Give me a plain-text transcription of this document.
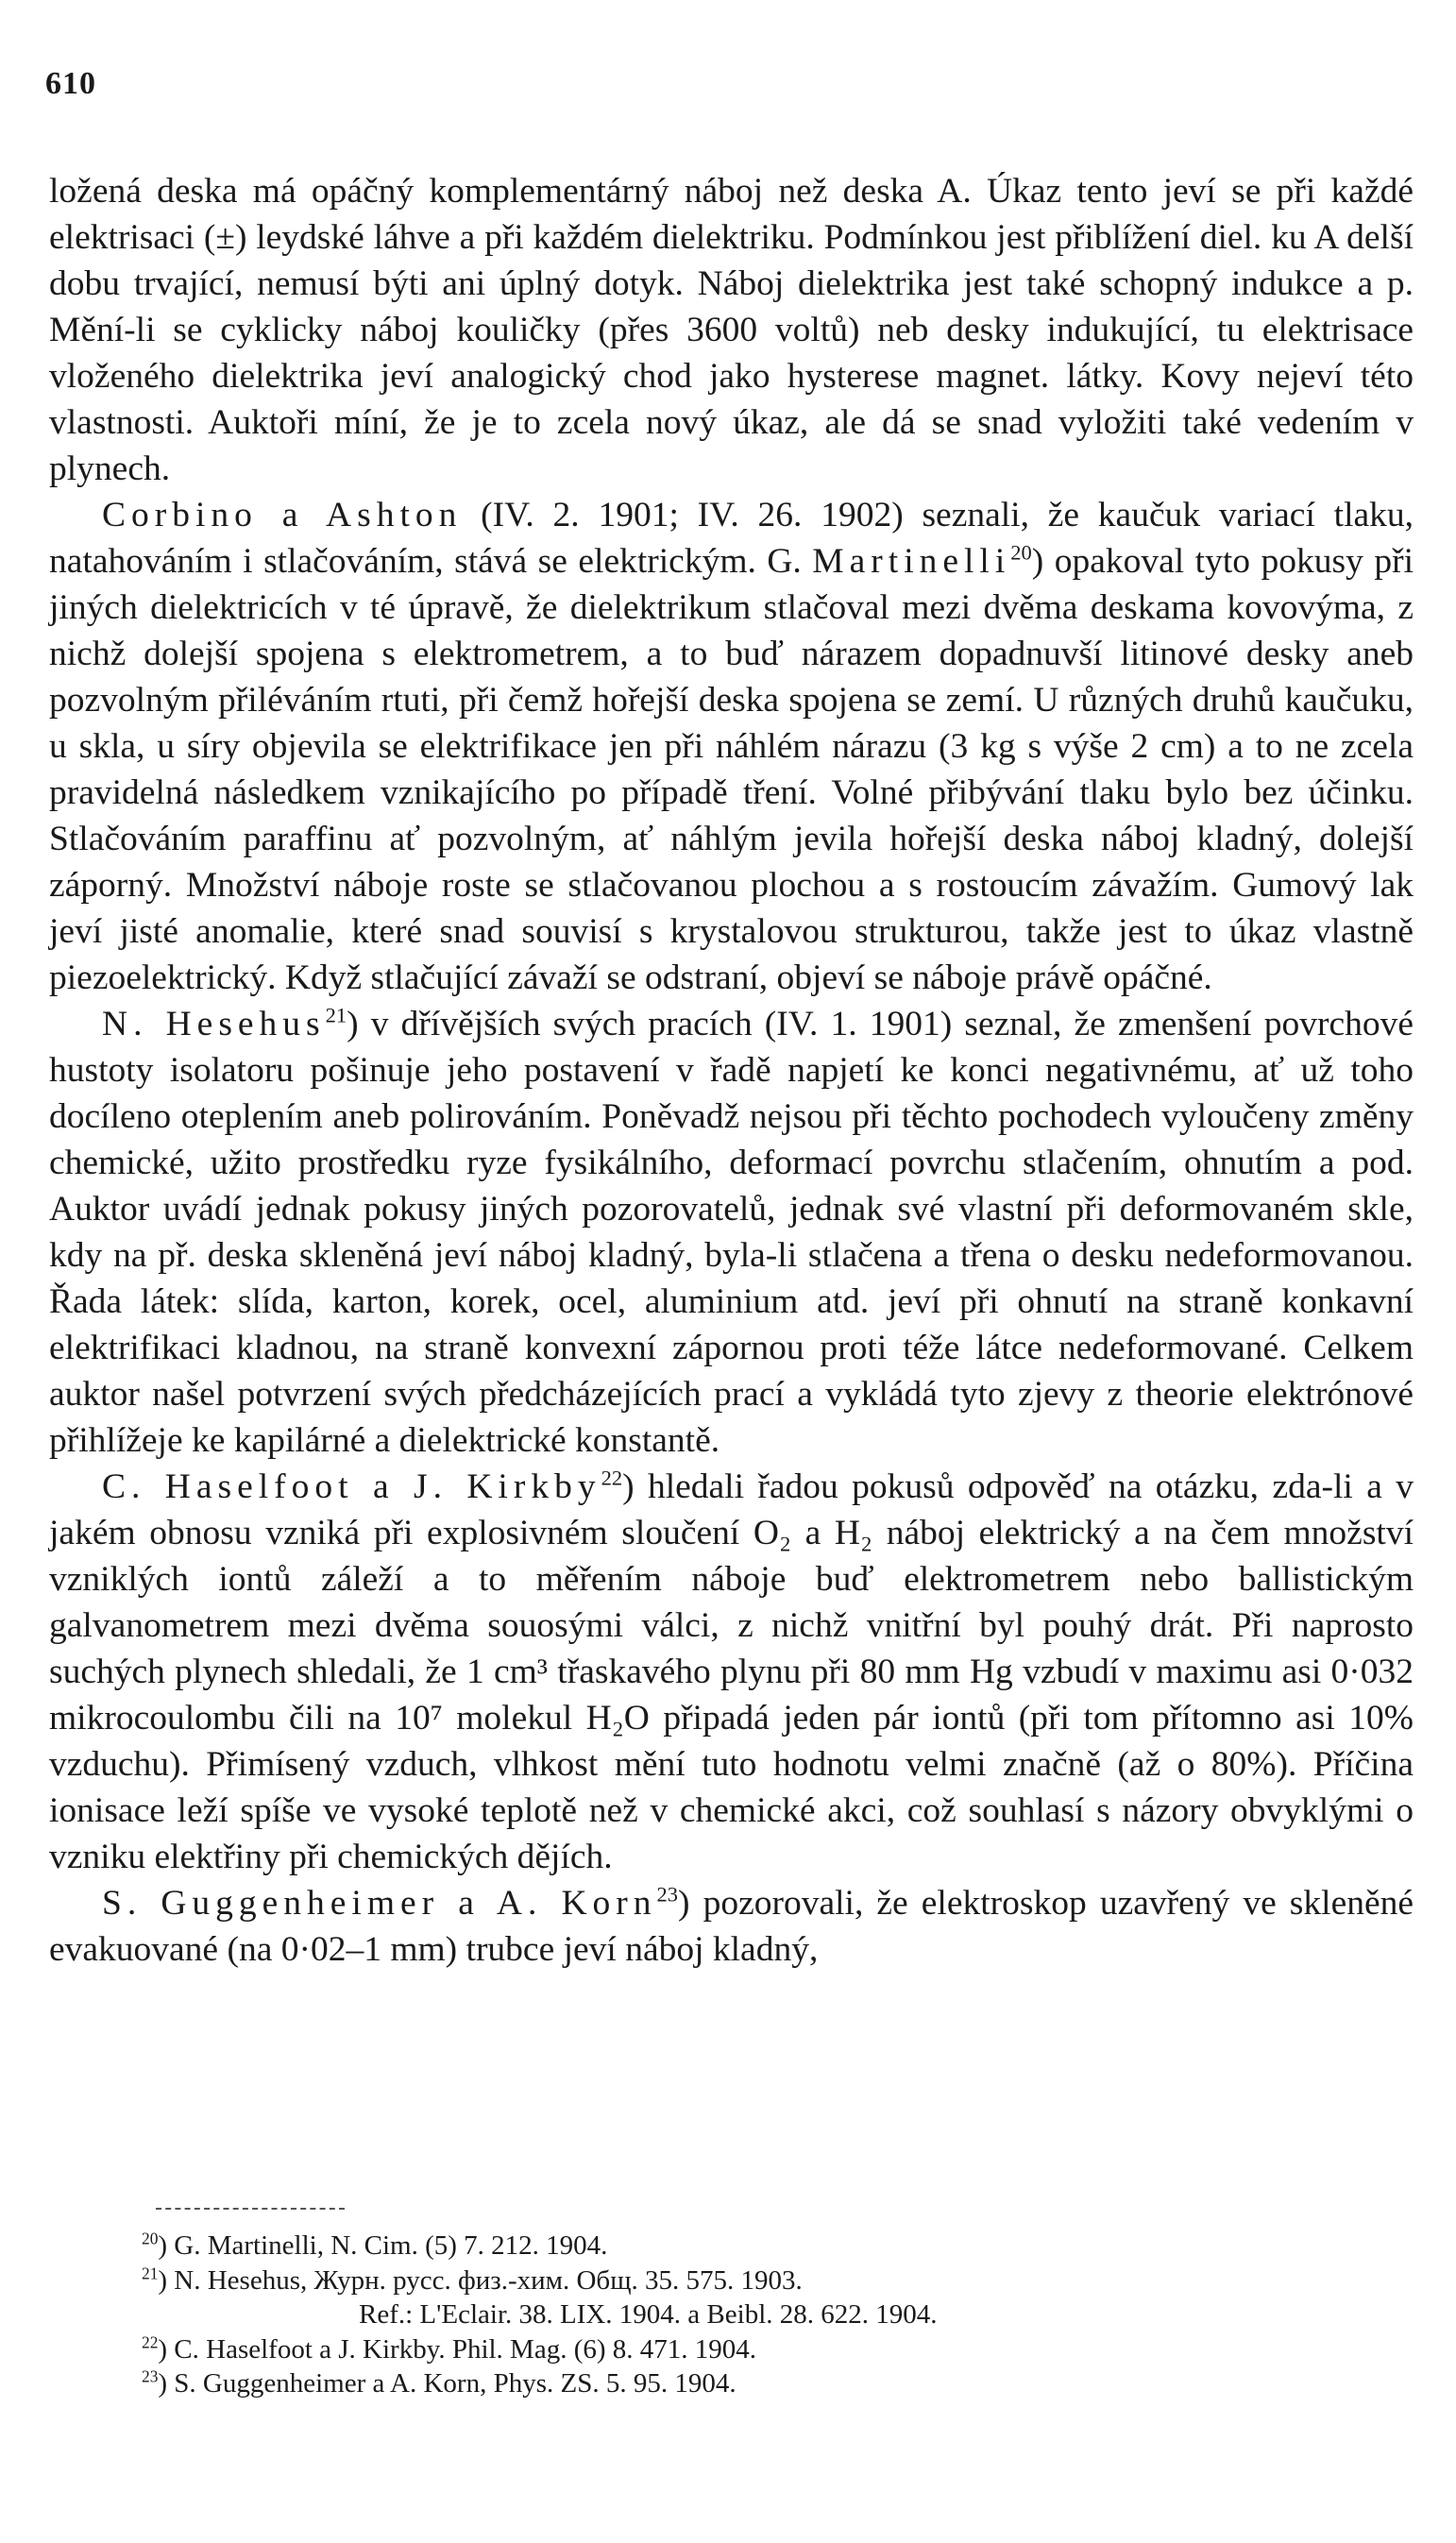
610

ložená deska má opáčný komplementárný náboj než deska A. Úkaz tento jeví se při každé elektrisaci (±) leydské láhve a při každém dielektriku. Podmínkou jest přiblížení diel. ku A delší dobu trvající, nemusí býti ani úplný dotyk. Náboj dielektrika jest také schopný indukce a p. Mění-li se cyklicky náboj kouličky (přes 3600 voltů) neb desky indukující, tu elektrisace vloženého dielektrika jeví analogický chod jako hysterese magnet. látky. Kovy nejeví této vlastnosti. Auktoři míní, že je to zcela nový úkaz, ale dá se snad vyložiti také vedením v plynech.

Corbino a Ashton (IV. 2. 1901; IV. 26. 1902) seznali, že kaučuk variací tlaku, natahováním i stlačováním, stává se elektrickým. G. Martinelli$^{20}$) opakoval tyto pokusy při jiných dielektricích v té úpravě, že dielektrikum stlačoval mezi dvěma deskama kovovýma, z nichž dolejší spojena s elektrometrem, a to buď nárazem dopadnuvší litinové desky aneb pozvolným přiléváním rtuti, při čemž hořejší deska spojena se zemí. U různých druhů kaučuku, u skla, u síry objevila se elektrifikace jen při náhlém nárazu (3 kg s výše 2 cm) a to ne zcela pravidelná následkem vznikajícího po případě tření. Volné přibývání tlaku bylo bez účinku. Stlačováním paraffinu ať pozvolným, ať náhlým jevila hořejší deska náboj kladný, dolejší záporný. Množství náboje roste se stlačovanou plochou a s rostoucím závažím. Gumový lak jeví jisté anomalie, které snad souvisí s krystalovou strukturou, takže jest to úkaz vlastně piezoelektrický. Když stlačující závaží se odstraní, objeví se náboje právě opáčné.

N. Hesehus$^{21}$) v dřívějších svých pracích (IV. 1. 1901) seznal, že zmenšení povrchové hustoty isolatoru pošinuje jeho postavení v řadě napjetí ke konci negativnému, ať už toho docíleno oteplením aneb polirováním. Poněvadž nejsou při těchto pochodech vyloučeny změny chemické, užito prostředku ryze fysikálního, deformací povrchu stlačením, ohnutím a pod. Auktor uvádí jednak pokusy jiných pozorovatelů, jednak své vlastní při deformovaném skle, kdy na př. deska skleněná jeví náboj kladný, byla-li stlačena a třena o desku nedeformovanou. Řada látek: slída, karton, korek, ocel, aluminium atd. jeví při ohnutí na straně konkavní elektrifikaci kladnou, na straně konvexní zápornou proti téže látce nedeformované. Celkem auktor našel potvrzení svých předcházejících prací a vykládá tyto zjevy z theorie elektrónové přihlížeje ke kapilárné a dielektrické konstantě.

C. Haselfoot a J. Kirkby$^{22}$) hledali řadou pokusů odpověď na otázku, zda-li a v jakém obnosu vzniká při explosivném sloučení O₂ a H₂ náboj elektrický a na čem množství vzniklých iontů záleží a to měřením náboje buď elektrometrem nebo ballistickým galvanometrem mezi dvěma souosými válci, z nichž vnitřní byl pouhý drát. Při naprosto suchých plynech shledali, že 1 cm³ třaskavého plynu při 80 mm Hg vzbudí v maximu asi 0·032 mikrocoulombu čili na 10⁷ molekul H₂O připadá jeden pár iontů (při tom přítomno asi 10% vzduchu). Přimísený vzduch, vlhkost mění tuto hodnotu velmi značně (až o 80%). Příčina ionisace leží spíše ve vysoké teplotě než v chemické akci, což souhlasí s názory obvyklými o vzniku elektřiny při chemických dějích.

S. Guggenheimer a A. Korn$^{23}$) pozorovali, že elektroskop uzavřený ve skleněné evakuované (na 0·02–1 mm) trubce jeví náboj kladný,

$^{20}$) G. Martinelli, N. Cim. (5) 7. 212. 1904.
$^{21}$) N. Hesehus, Журн. русс. физ.-хим. Общ. 35. 575. 1903.
Ref.: L'Eclair. 38. LIX. 1904. a Beibl. 28. 622. 1904.
$^{22}$) C. Haselfoot a J. Kirkby. Phil. Mag. (6) 8. 471. 1904.
$^{23}$) S. Guggenheimer a A. Korn, Phys. ZS. 5. 95. 1904.
